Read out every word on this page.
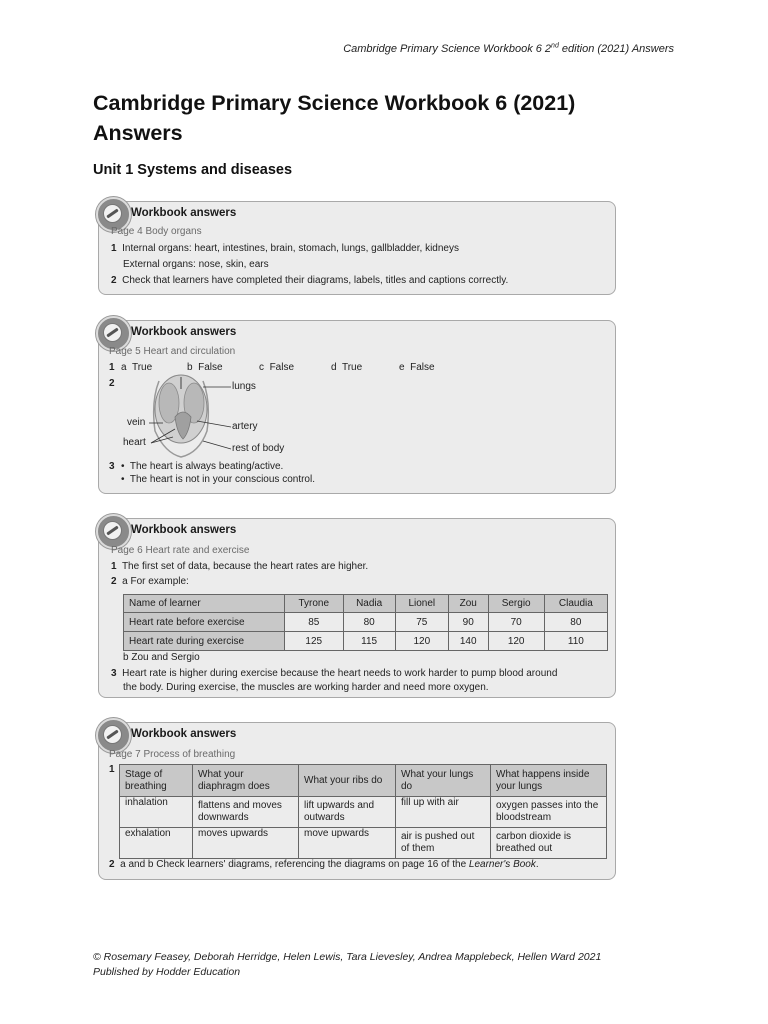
Cambridge Primary Science Workbook 6 2nd edition (2021) Answers
Cambridge Primary Science Workbook 6 (2021)
Answers
Unit 1 Systems and diseases
Workbook answers
Page 4 Body organs
1 Internal organs: heart, intestines, brain, stomach, lungs, gallbladder, kidneys
External organs: nose, skin, ears
2 Check that learners have completed their diagrams, labels, titles and captions correctly.
Workbook answers
Page 5 Heart and circulation
1 a True	b False	c False	d True	e False
2	lungs
vein	artery
heart
rest of body
3 •  The heart is always beating/active.
•  The heart is not in your conscious control.
Workbook answers
Page 6 Heart rate and exercise
1 The first set of data, because the heart rates are higher.
2 a For example:
Name of learner	Tyrone	Nadia	Lionel	Zou	Sergio	Claudia
Heart rate before exercise	85	80	75	90	70	80
Heart rate during exercise	125	115	120	140	120	110
b Zou and Sergio
3 Heart rate is higher during exercise because the heart needs to work harder to pump blood around
the body. During exercise, the muscles are working harder and need more oxygen.
Workbook answers
Page 7 Process of breathing
1 Stage of breathing	What your diaphragm does	What your ribs do	What your lungs do	What happens inside your lungs
inhalation	flattens and moves downwards	lift upwards and outwards	fill up with air	oxygen passes into the bloodstream
exhalation	moves upwards	move upwards	air is pushed out of them	carbon dioxide is breathed out
2 a and b Check learners' diagrams, referencing the diagrams on page 16 of the Learner's Book.
© Rosemary Feasey, Deborah Herridge, Helen Lewis, Tara Lievesley, Andrea Mapplebeck, Hellen Ward 2021
Published by Hodder Education
